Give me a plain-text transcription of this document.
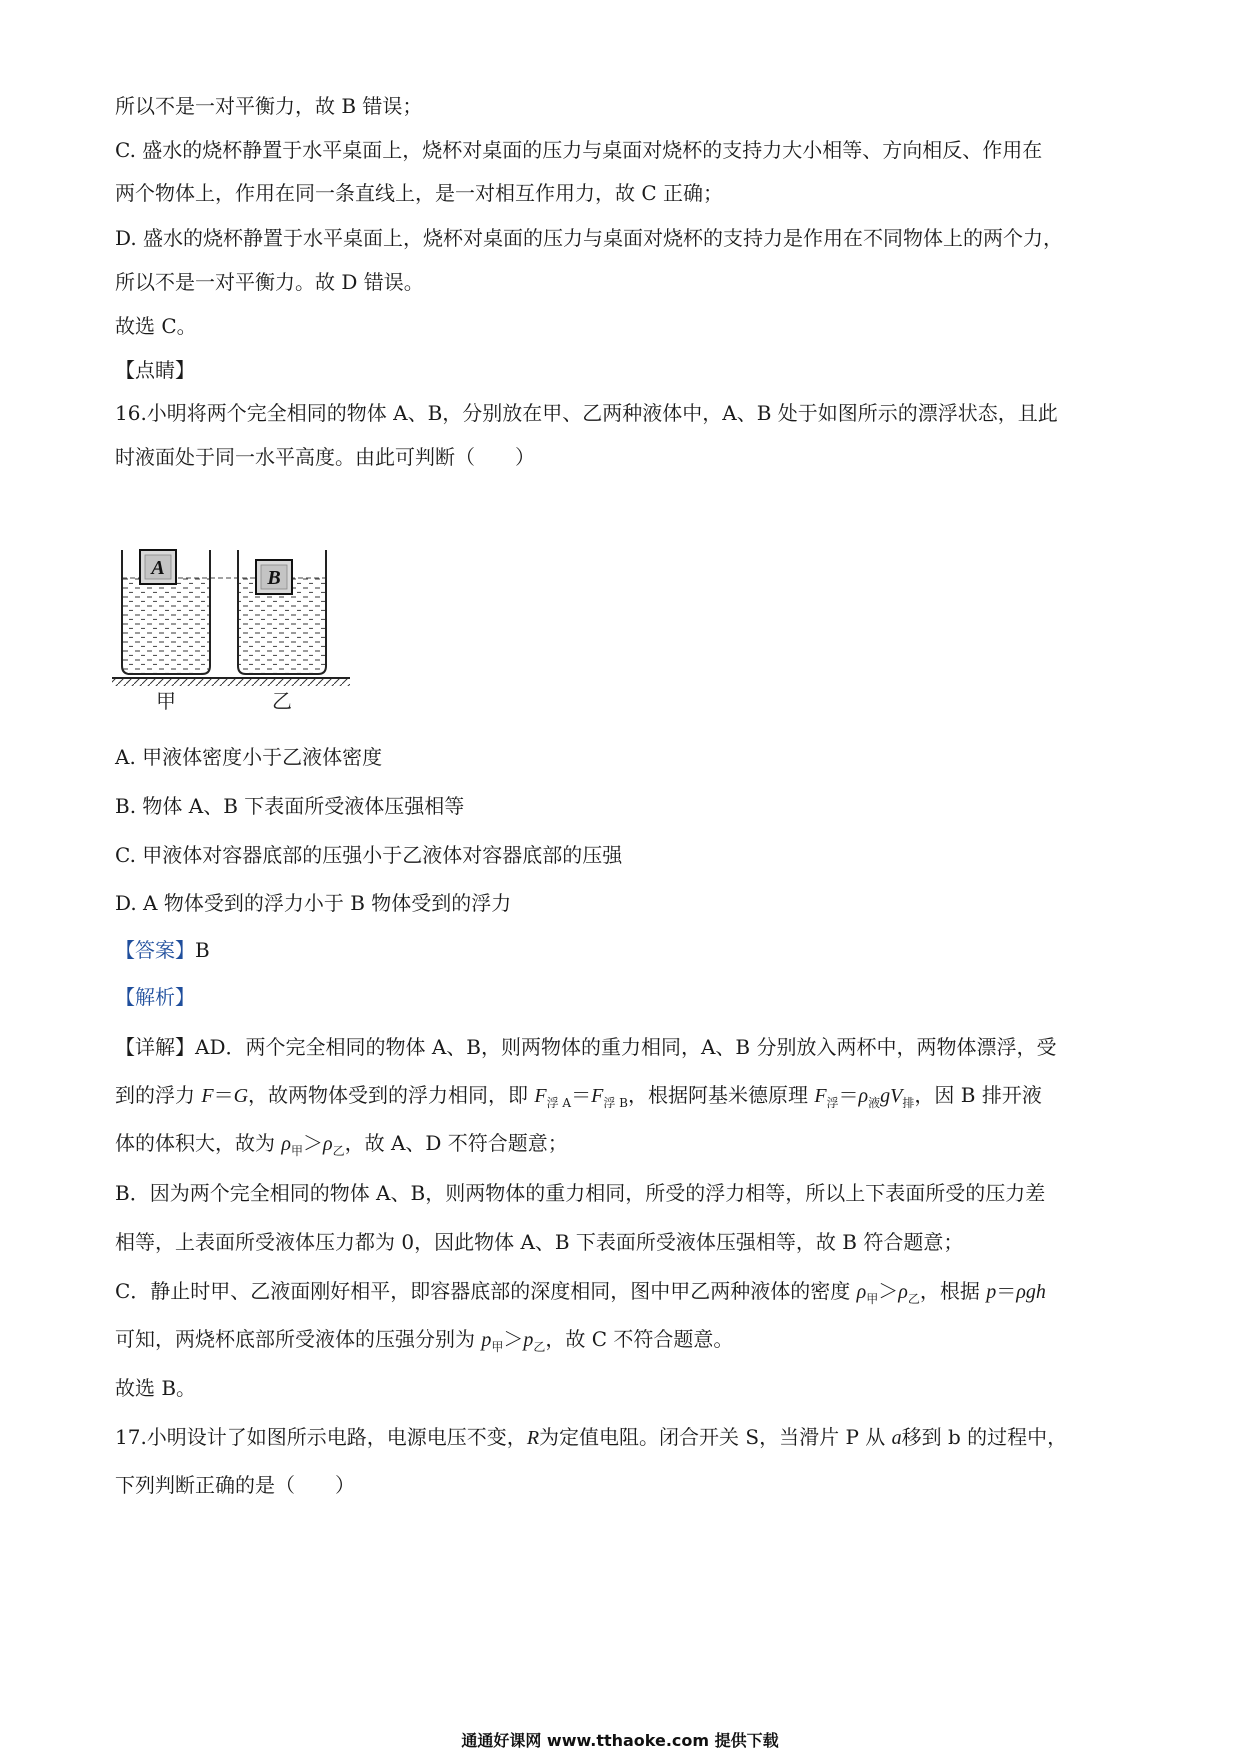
所以不是一对平衡力，故 B 错误；
C. 盛水的烧杯静置于水平桌面上，烧杯对桌面的压力与桌面对烧杯的支持力大小相等、方向相反、作用在
两个物体上，作用在同一条直线上，是一对相互作用力，故 C 正确；
D. 盛水的烧杯静置于水平桌面上，烧杯对桌面的压力与桌面对烧杯的支持力是作用在不同物体上的两个力，
所以不是一对平衡力。故 D 错误。
故选 C。
【点睛】
16.小明将两个完全相同的物体 A、B，分别放在甲、乙两种液体中，A、B 处于如图所示的漂浮状态，且此
时液面处于同一水平高度。由此可判断（　　）
A	B
甲	乙
A. 甲液体密度小于乙液体密度
B. 物体 A、B 下表面所受液体压强相等
C. 甲液体对容器底部的压强小于乙液体对容器底部的压强
D. A 物体受到的浮力小于 B 物体受到的浮力
【答案】B
【解析】
【详解】AD．两个完全相同的物体 A、B，则两物体的重力相同，A、B 分别放入两杯中，两物体漂浮，受
到的浮力 F＝G，故两物体受到的浮力相同，即 $F_{浮 A}=F_{浮 B}$，根据阿基米德原理 $F_浮=\rho_液gV_排$，因 B 排开液
体的体积大，故为 $\rho_甲>\rho_乙$，故 A、D 不符合题意；
B．因为两个完全相同的物体 A、B，则两物体的重力相同，所受的浮力相等，所以上下表面所受的压力差
相等，上表面所受液体压力都为 0，因此物体 A、B 下表面所受液体压强相等，故 B 符合题意；
C．静止时甲、乙液面刚好相平，即容器底部的深度相同，图中甲乙两种液体的密度 $\rho_甲>\rho_乙$，根据 p＝ρgh
可知，两烧杯底部所受液体的压强分别为 $p_甲>p_乙$，故 C 不符合题意。
故选 B。
17.小明设计了如图所示电路，电源电压不变，R为定值电阻。闭合开关 S，当滑片 P 从 a移到 b 的过程中，
下列判断正确的是（　　）
通通好课网 www.tthaoke.com 提供下载
